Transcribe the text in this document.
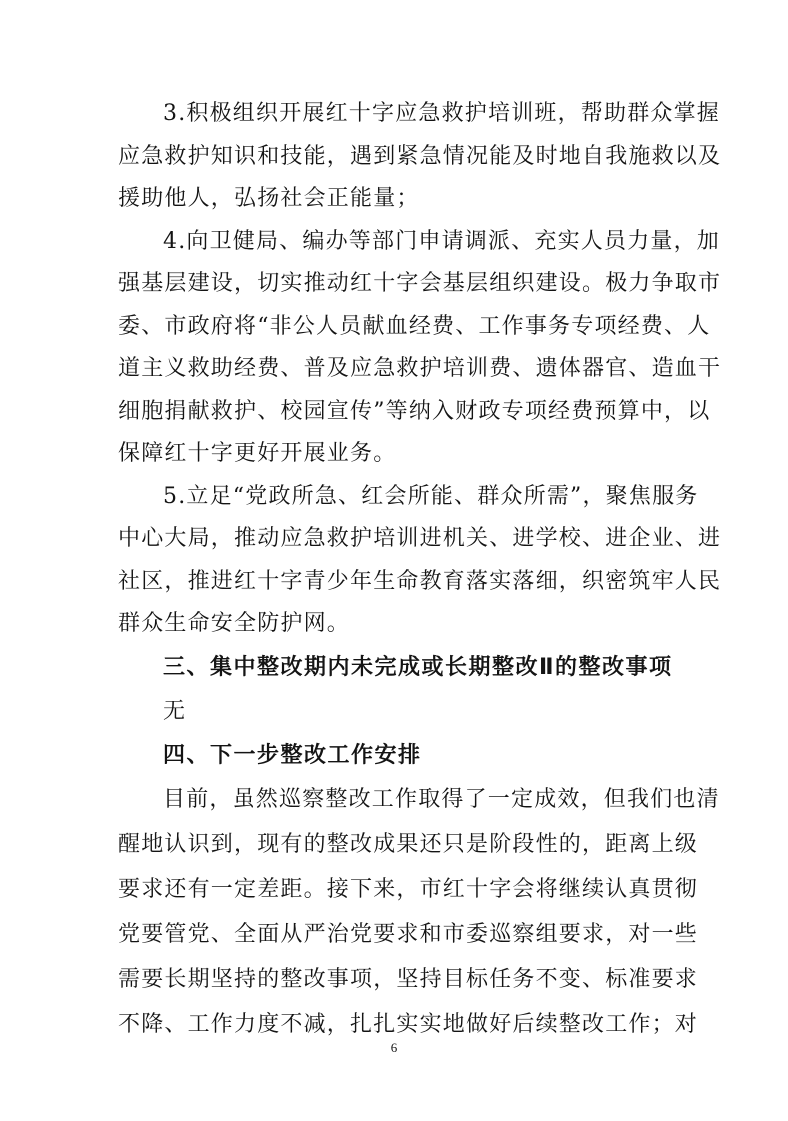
3.积极组织开展红十字应急救护培训班，帮助群众掌握
应急救护知识和技能，遇到紧急情况能及时地自我施救以及
援助他人，弘扬社会正能量；
4.向卫健局、编办等部门申请调派、充实人员力量，加
强基层建设，切实推动红十字会基层组织建设。极力争取市
委、市政府将“非公人员献血经费、工作事务专项经费、人
道主义救助经费、普及应急救护培训费、遗体器官、造血干
细胞捐献救护、校园宣传”等纳入财政专项经费预算中，以
保障红十字更好开展业务。
5.立足“党政所急、红会所能、群众所需”，聚焦服务
中心大局，推动应急救护培训进机关、进学校、进企业、进
社区，推进红十字青少年生命教育落实落细，织密筑牢人民
群众生命安全防护网。
三、集中整改期内未完成或长期整改Ⅱ的整改事项
无
四、下一步整改工作安排
6
目前，虽然巡察整改工作取得了一定成效，但我们也清
醒地认识到，现有的整改成果还只是阶段性的，距离上级
要求还有一定差距。接下来，市红十字会将继续认真贯彻
党要管党、全面从严治党要求和市委巡察组要求，对一些
需要长期坚持的整改事项，坚持目标任务不变、标准要求
不降、工作力度不减，扎扎实实地做好后续整改工作；对
